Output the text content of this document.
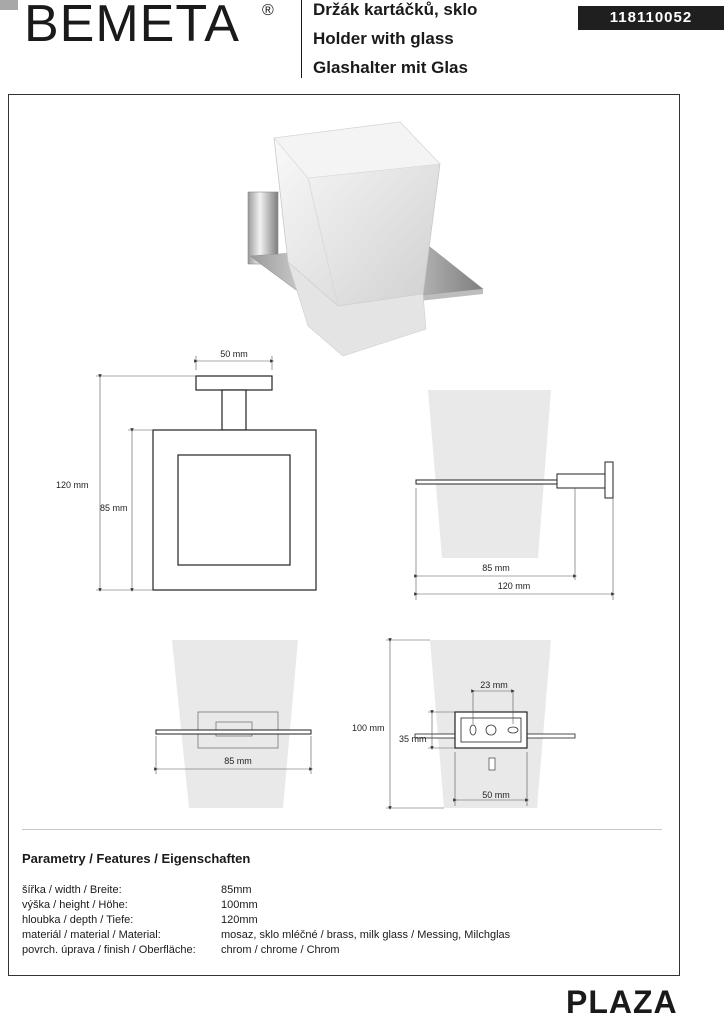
BEMETA ® Držák kartáčků, sklo
Holder with glass
Glashalter mit Glas
118110052
50 mm
120 mm
85 mm
85 mm
120 mm
85 mm
23 mm
100 mm
35 mm
50 mm
Parametry / Features / Eigenschaften
šířka / width / Breite:	85mm
výška / height / Höhe:	100mm
hloubka / depth / Tiefe:	120mm
materiál / material / Material:	mosaz, sklo mléčné / brass, milk glass / Messing, Milchglas
povrch. úprava / finish / Oberfläche: chrom / chrome / Chrom
PLAZA
